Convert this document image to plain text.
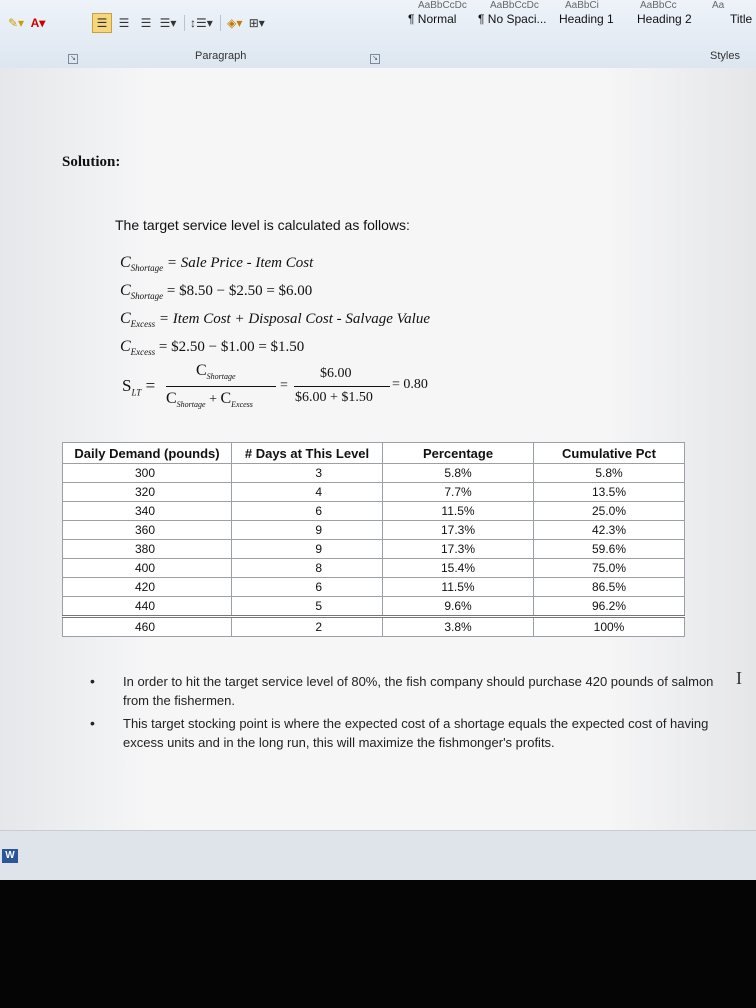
✎▾ A▾	☰ ☰ ☰ ☰▾ ↕☰▾ ◈▾ ⊞▾
AaBbCcDc AaBbCcDc	AaBbCi	AaBbCc	Aa
¶ Normal ¶ No Spaci... Heading 1 Heading 2	Title
↘	Paragraph	↘	Styles
Solution:
The target service level is calculated as follows:
$C_{Shortage}$ = Sale Price - Item Cost
$C_{Shortage}$ = $8.50 − $2.50 = $6.00
$C_{Excess}$ = Item Cost + Disposal Cost - Salvage Value
$C_{Excess}$ = $2.50 − $1.00 = $1.50
$S_{LT}$ =
$C_{Shortage}$
$C_{Shortage} + C_{Excess}$
=
$6.00
$6.00 + $1.50
= 0.80
Daily Demand (pounds)	# Days at This Level	Percentage	Cumulative Pct
300	3	5.8%	5.8%
320	4	7.7%	13.5%
340	6	11.5%	25.0%
360	9	17.3%	42.3%
380	9	17.3%	59.6%
400	8	15.4%	75.0%
420	6	11.5%	86.5%
440	5	9.6%	96.2%
460	2	3.8%	100%
•	In order to hit the target service level of 80%, the fish company should purchase 420 pounds of salmon from the fishermen.
•	This target stocking point is where the expected cost of a shortage equals the expected cost of having excess units and in the long run, this will maximize the fishmonger's profits.
I
W
